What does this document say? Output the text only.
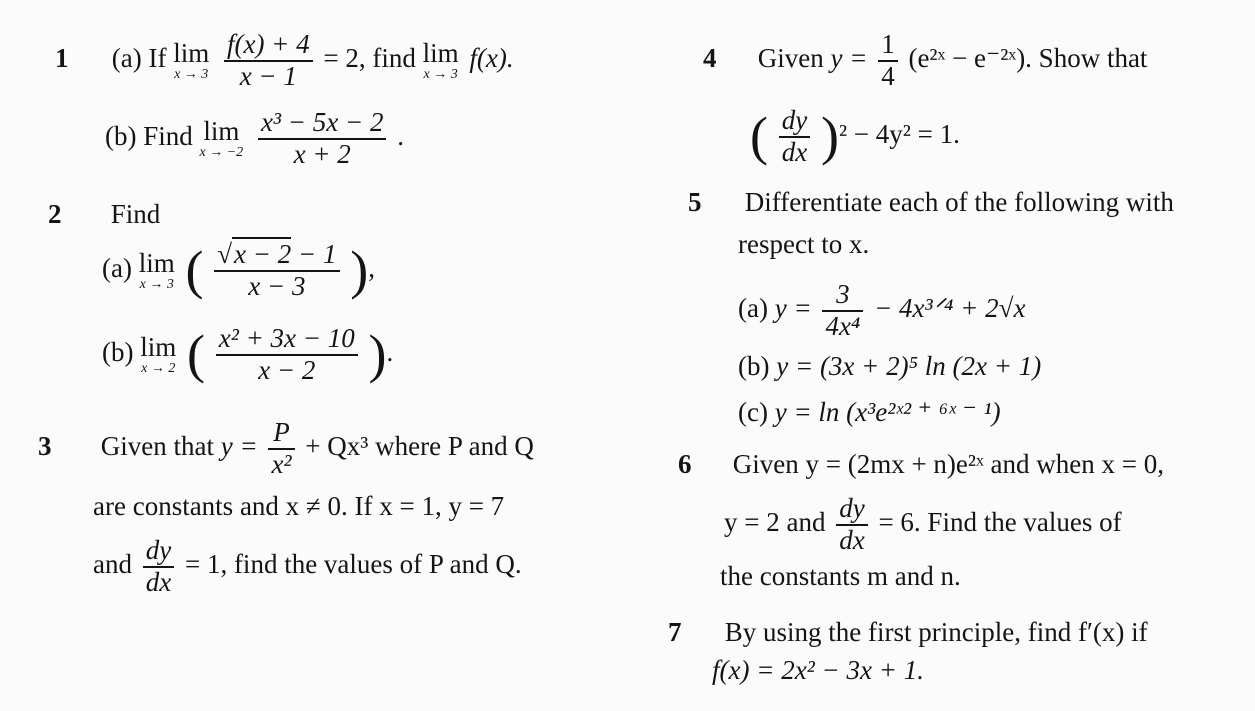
1 (a) If lim
x → 3
$\frac{f(x) + 4}{x - 1} = 2$, find lim
x → 3
f(x).
(b) Find lim
x → −2
$\frac{\text{x³ − 5x − 2}}{x + 2}$ .
2 Find
(a) lim
x → 3 ( $\frac{√x - 2 - 1}{x - 3}$ ),
(b) lim
x → 2 ( $\frac{\text{x² + 3x − 10}}{x - 2}$ ).
3 Given that $y = \frac{P}{\text{x²}} + Qx^3$ where P and Q
are constants and x ≠ 0. If x = 1, y = 7
and $\frac{dy}{dx} = 1$, find the values of P and Q.
4 Given $y = \frac{1}{4}$ (e²ˣ − e⁻²ˣ). Show that
( $\frac{dy}{dx} )^2 - 4y^2 = 1$.
5 Differentiate each of the following with
respect to x.
(a) $y = \frac{3}{\text{4x⁴}}$ − 4x³ᐟ⁴ + 2√x
(b) y = (3x + 2)⁵ ln (2x + 1)
(c) y = ln (x³e²ˣ² ⁺ ⁶ˣ ⁻ ¹)
6 Given y = (2mx + n)e²ˣ and when x = 0,
y = 2 and $\frac{dy}{dx} = 6$. Find the values of
the constants m and n.
7 By using the first principle, find f′(x) if
f(x) = 2x² − 3x + 1.
